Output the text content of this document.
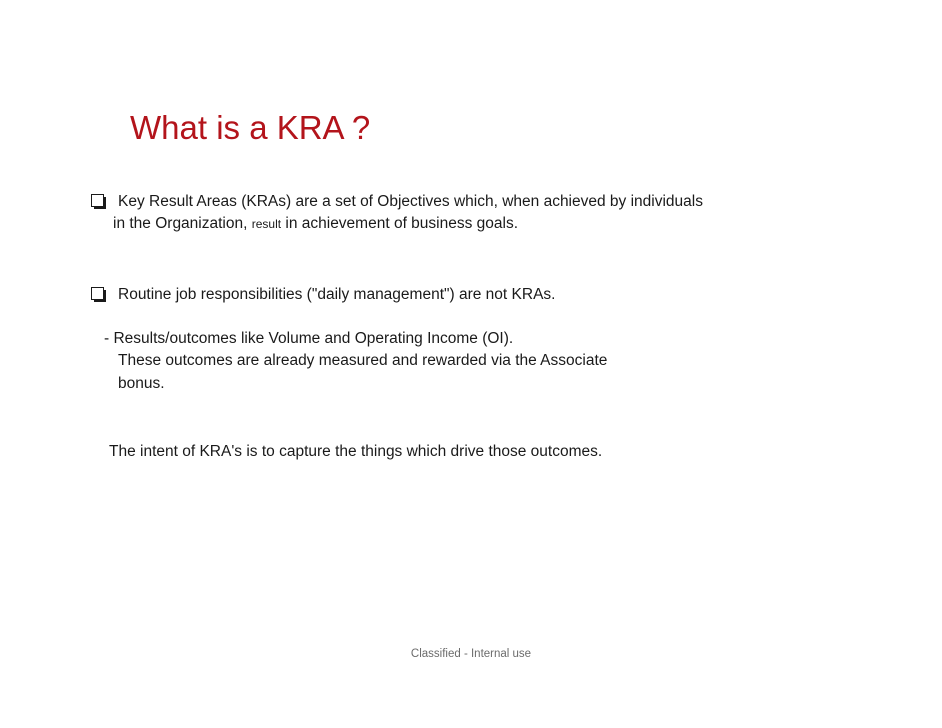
What is a KRA ?
Key Result Areas (KRAs) are a set of Objectives which, when achieved by individuals
in the Organization, result in achievement of business goals.
Routine job responsibilities ("daily management") are not KRAs.
- Results/outcomes like Volume and Operating Income (OI).
These outcomes are already measured and rewarded via the Associate
bonus.
The intent of KRA's is to capture the things which drive those outcomes.
Classified - Internal use
